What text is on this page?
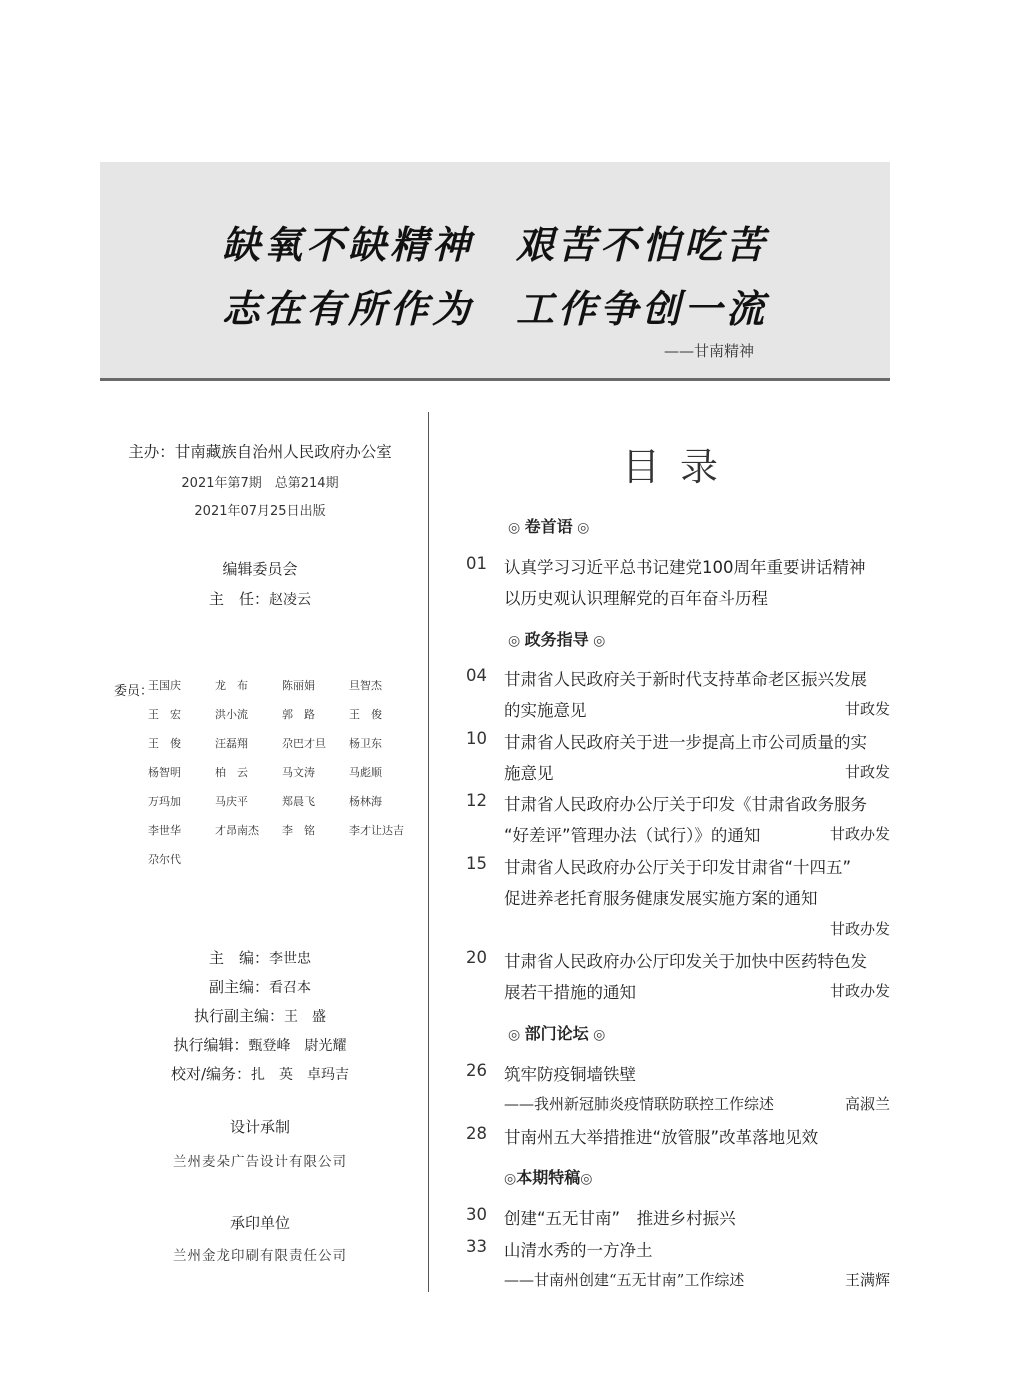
缺氧不缺精神 艰苦不怕吃苦
志在有所作为 工作争创一流
——甘南精神
主办：甘南藏族自治州人民政府办公室
2021年第7期　总第214期
2021年07月25日出版
编辑委员会
主　任：赵凌云
委员：
王国庆	龙　布	陈丽娟	旦智杰
王　宏	洪小流	郭　路	王　俊
王　俊	汪磊翔	尕巴才旦	杨卫东
杨智明	柏　云	马文涛	马彪顺
万玛加	马庆平	郑晨飞	杨林海
李世华	才昂南杰	李　铭	李才让达吉
尕尔代
主　编：李世忠
副主编：看召本
执行副主编：王　盛
执行编辑：甄登峰　尉光耀
校对/编务：扎　英　卓玛吉
设计承制
兰州麦朵广告设计有限公司
承印单位
兰州金龙印刷有限责任公司
目录
◎ 卷首语 ◎
01	认真学习习近平总书记建党100周年重要讲话精神
以历史观认识理解党的百年奋斗历程
◎ 政务指导 ◎
04	甘肃省人民政府关于新时代支持革命老区振兴发展
的实施意见	甘政发
10	甘肃省人民政府关于进一步提高上市公司质量的实
施意见	甘政发
12	甘肃省人民政府办公厅关于印发《甘肃省政务服务
“好差评”管理办法（试行）》的通知	甘政办发
15	甘肃省人民政府办公厅关于印发甘肃省“十四五”
促进养老托育服务健康发展实施方案的通知
甘政办发
20	甘肃省人民政府办公厅印发关于加快中医药特色发
展若干措施的通知	甘政办发
◎ 部门论坛 ◎
26	筑牢防疫铜墙铁壁
——我州新冠肺炎疫情联防联控工作综述	高淑兰
28	甘南州五大举措推进“放管服”改革落地见效
◎本期特稿◎
30	创建“五无甘南”　推进乡村振兴
33	山清水秀的一方净土
——甘南州创建“五无甘南”工作综述	王满辉
